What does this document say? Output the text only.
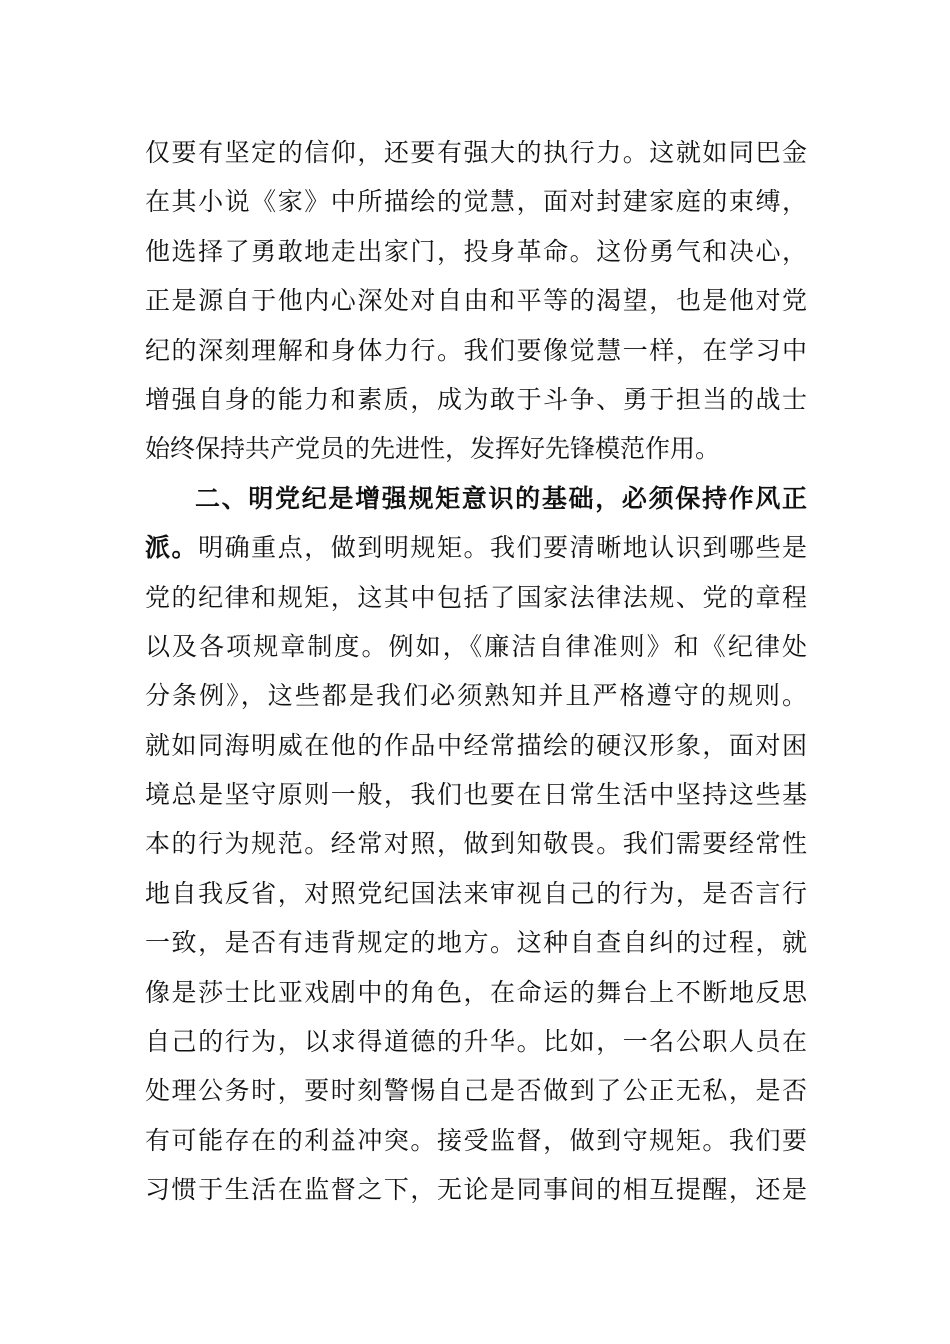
仅要有坚定的信仰，还要有强大的执行力。这就如同巴金
在其小说《家》中所描绘的觉慧，面对封建家庭的束缚，
他选择了勇敢地走出家门，投身革命。这份勇气和决心，
正是源自于他内心深处对自由和平等的渴望，也是他对党
纪的深刻理解和身体力行。我们要像觉慧一样，在学习中
增强自身的能力和素质，成为敢于斗争、勇于担当的战士
始终保持共产党员的先进性，发挥好先锋模范作用。
二、明党纪是增强规矩意识的基础，必须保持作风正
派。明确重点，做到明规矩。我们要清晰地认识到哪些是
党的纪律和规矩，这其中包括了国家法律法规、党的章程
以及各项规章制度。例如，《廉洁自律准则》和《纪律处
分条例》，这些都是我们必须熟知并且严格遵守的规则。
就如同海明威在他的作品中经常描绘的硬汉形象，面对困
境总是坚守原则一般，我们也要在日常生活中坚持这些基
本的行为规范。经常对照，做到知敬畏。我们需要经常性
地自我反省，对照党纪国法来审视自己的行为，是否言行
一致，是否有违背规定的地方。这种自查自纠的过程，就
像是莎士比亚戏剧中的角色，在命运的舞台上不断地反思
自己的行为，以求得道德的升华。比如，一名公职人员在
处理公务时，要时刻警惕自己是否做到了公正无私，是否
有可能存在的利益冲突。接受监督，做到守规矩。我们要
习惯于生活在监督之下，无论是同事间的相互提醒，还是
